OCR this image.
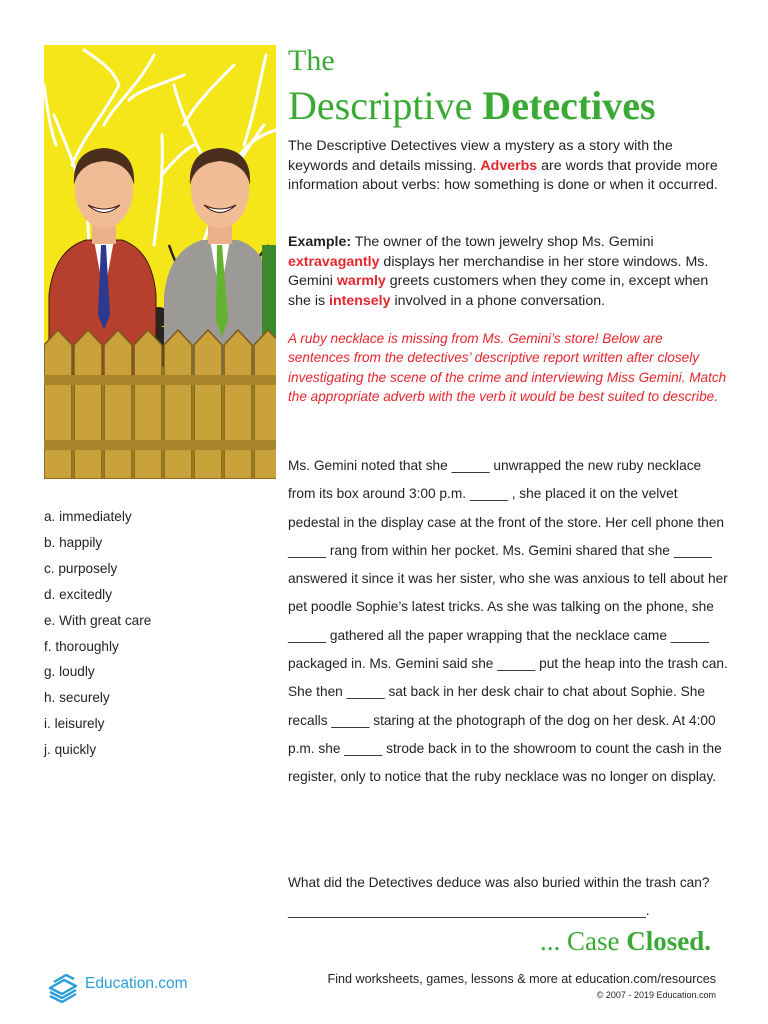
The
Descriptive Detectives
The Descriptive Detectives view a mystery as a story with the keywords and details missing. Adverbs are words that provide more information about verbs: how something is done or when it occurred.
Example: The owner of the town jewelry shop Ms. Gemini extravagantly displays her merchandise in her store windows. Ms. Gemini warmly greets customers when they come in, except when she is intensely involved in a phone conversation.
A ruby necklace is missing from Ms. Gemini’s store! Below are sentences from the detectives’ descriptive report written after closely investigating the scene of the crime and interviewing Miss Gemini. Match the appropriate adverb with the verb it would be best suited to describe.
Ms. Gemini noted that she _____ unwrapped the new ruby necklace from its box around 3:00 p.m. _____ , she placed it on the velvet pedestal in the display case at the front of the store. Her cell phone then _____ rang from within her pocket. Ms. Gemini shared that she _____ answered it since it was her sister, who she was anxious to tell about her pet poodle Sophie’s latest tricks. As she was talking on the phone, she _____ gathered all the paper wrapping that the necklace came _____ packaged in. Ms. Gemini said she _____ put the heap into the trash can. She then _____ sat back in her desk chair to chat about Sophie. She recalls _____ staring at the photograph of the dog on her desk. At 4:00 p.m. she _____ strode back in to the showroom to count the cash in the register, only to notice that the ruby necklace was no longer on display.
What did the Detectives deduce was also buried within the trash can? _______________________________________________.
a. immediately
b. happily
c. purposely
d. excitedly
e. With great care
f. thoroughly
g. loudly
h. securely
i. leisurely
j. quickly
... Case Closed.
Education.com	Find worksheets, games, lessons & more at education.com/resources
© 2007 - 2019 Education.com
